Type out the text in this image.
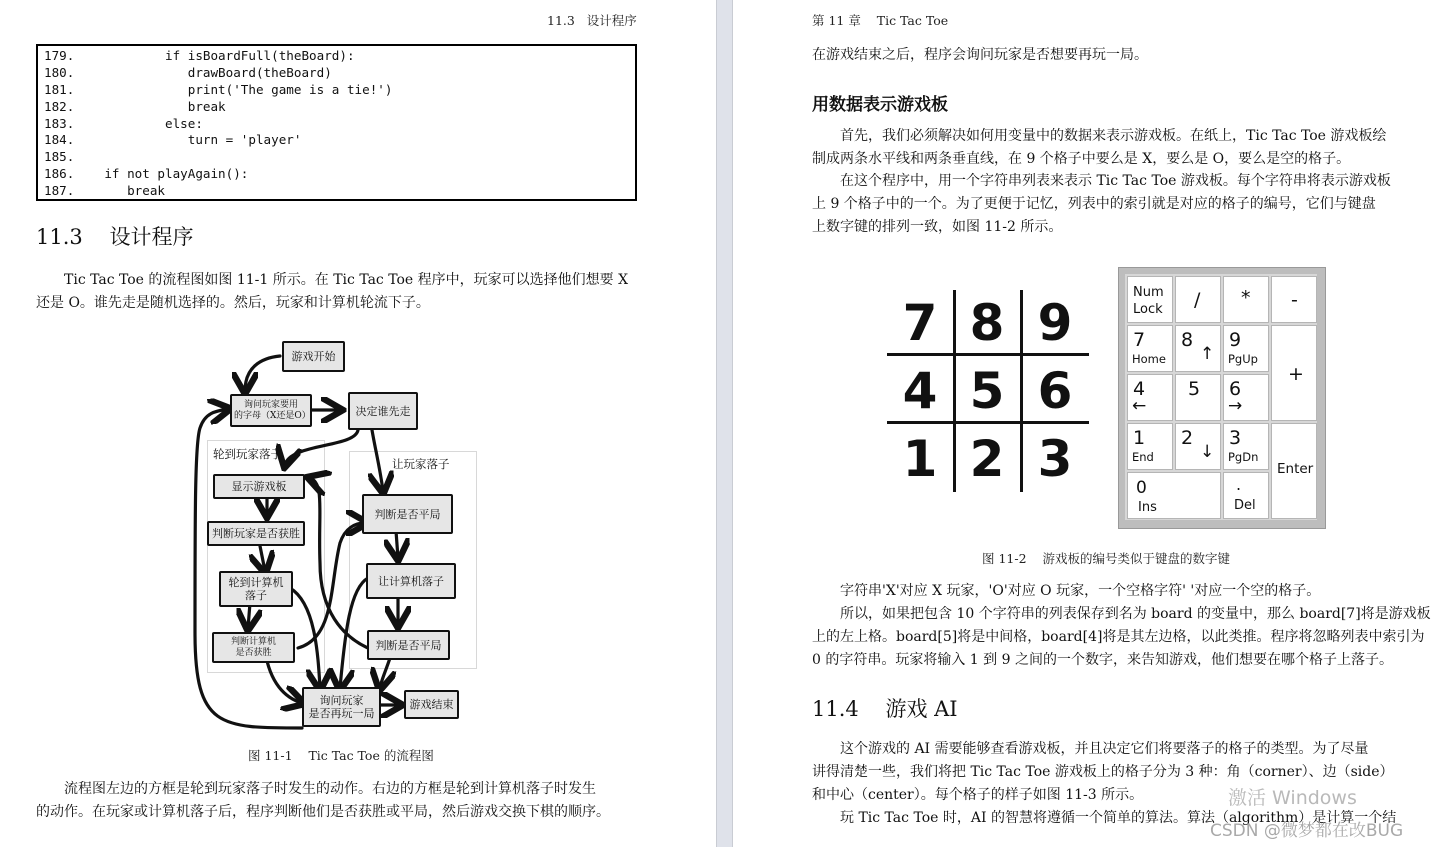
11.3   设计程序
179.            if isBoardFull(theBoard):
180.               drawBoard(theBoard)
181.               print('The game is a tie!')
182.               break
183.            else:
184.               turn = 'player'
185.
186.    if not playAgain():
187.       break
11.3    设计程序
Tic Tac Toe 的流程图如图 11-1 所示。在 Tic Tac Toe 程序中，玩家可以选择他们想要 X
还是 O。谁先走是随机选择的。然后，玩家和计算机轮流下子。
轮到玩家落子
让玩家落子
游戏开始
询问玩家要用
的字母（X还是O）	决定谁先走
显示游戏板
判断玩家是否获胜
轮到计算机
落子
判断计算机
是否获胜
判断是否平局
让计算机落子
判断是否平局
询问玩家
是否再玩一局
游戏结束
图 11-1    Tic Tac Toe 的流程图
流程图左边的方框是轮到玩家落子时发生的动作。右边的方框是轮到计算机落子时发生
的动作。在玩家或计算机落子后，程序判断他们是否获胜或平局，然后游戏交换下棋的顺序。
第 11 章    Tic Tac Toe
在游戏结束之后，程序会询问玩家是否想要再玩一局。
用数据表示游戏板
首先，我们必须解决如何用变量中的数据来表示游戏板。在纸上，Tic Tac Toe 游戏板绘
制成两条水平线和两条垂直线，在 9 个格子中要么是 X，要么是 O，要么是空的格子。
在这个程序中，用一个字符串列表来表示 Tic Tac Toe 游戏板。每个字符串将表示游戏板
上 9 个格子中的一个。为了更便于记忆，列表中的索引就是对应的格子的编号，它们与键盘
上数字键的排列一致，如图 11-2 所示。
7 8 9
4 5 6
1 2 3
Num
Lock / * -
7
Home
8
↑
9
PgUp
+
4
←
5 6
→
1
End
2
↓
3
PgDn
Enter
0
Ins
.
Del
图 11-2    游戏板的编号类似于键盘的数字键
字符串'X'对应 X 玩家，'O'对应 O 玩家，一个空格字符' '对应一个空的格子。
所以，如果把包含 10 个字符串的列表保存到名为 board 的变量中，那么 board[7]将是游戏板
上的左上格。board[5]将是中间格，board[4]将是其左边格，以此类推。程序将忽略列表中索引为
0 的字符串。玩家将输入 1 到 9 之间的一个数字，来告知游戏，他们想要在哪个格子上落子。
11.4    游戏 AI
这个游戏的 AI 需要能够查看游戏板，并且决定它们将要落子的格子的类型。为了尽量
讲得清楚一些，我们将把 Tic Tac Toe 游戏板上的格子分为 3 种：角（corner）、边（side）
和中心（center）。每个格子的样子如图 11-3 所示。
玩 Tic Tac Toe 时，AI 的智慧将遵循一个简单的算法。算法（algorithm）是计算一个结
激活 Windows
CSDN @微梦都在改BUG
